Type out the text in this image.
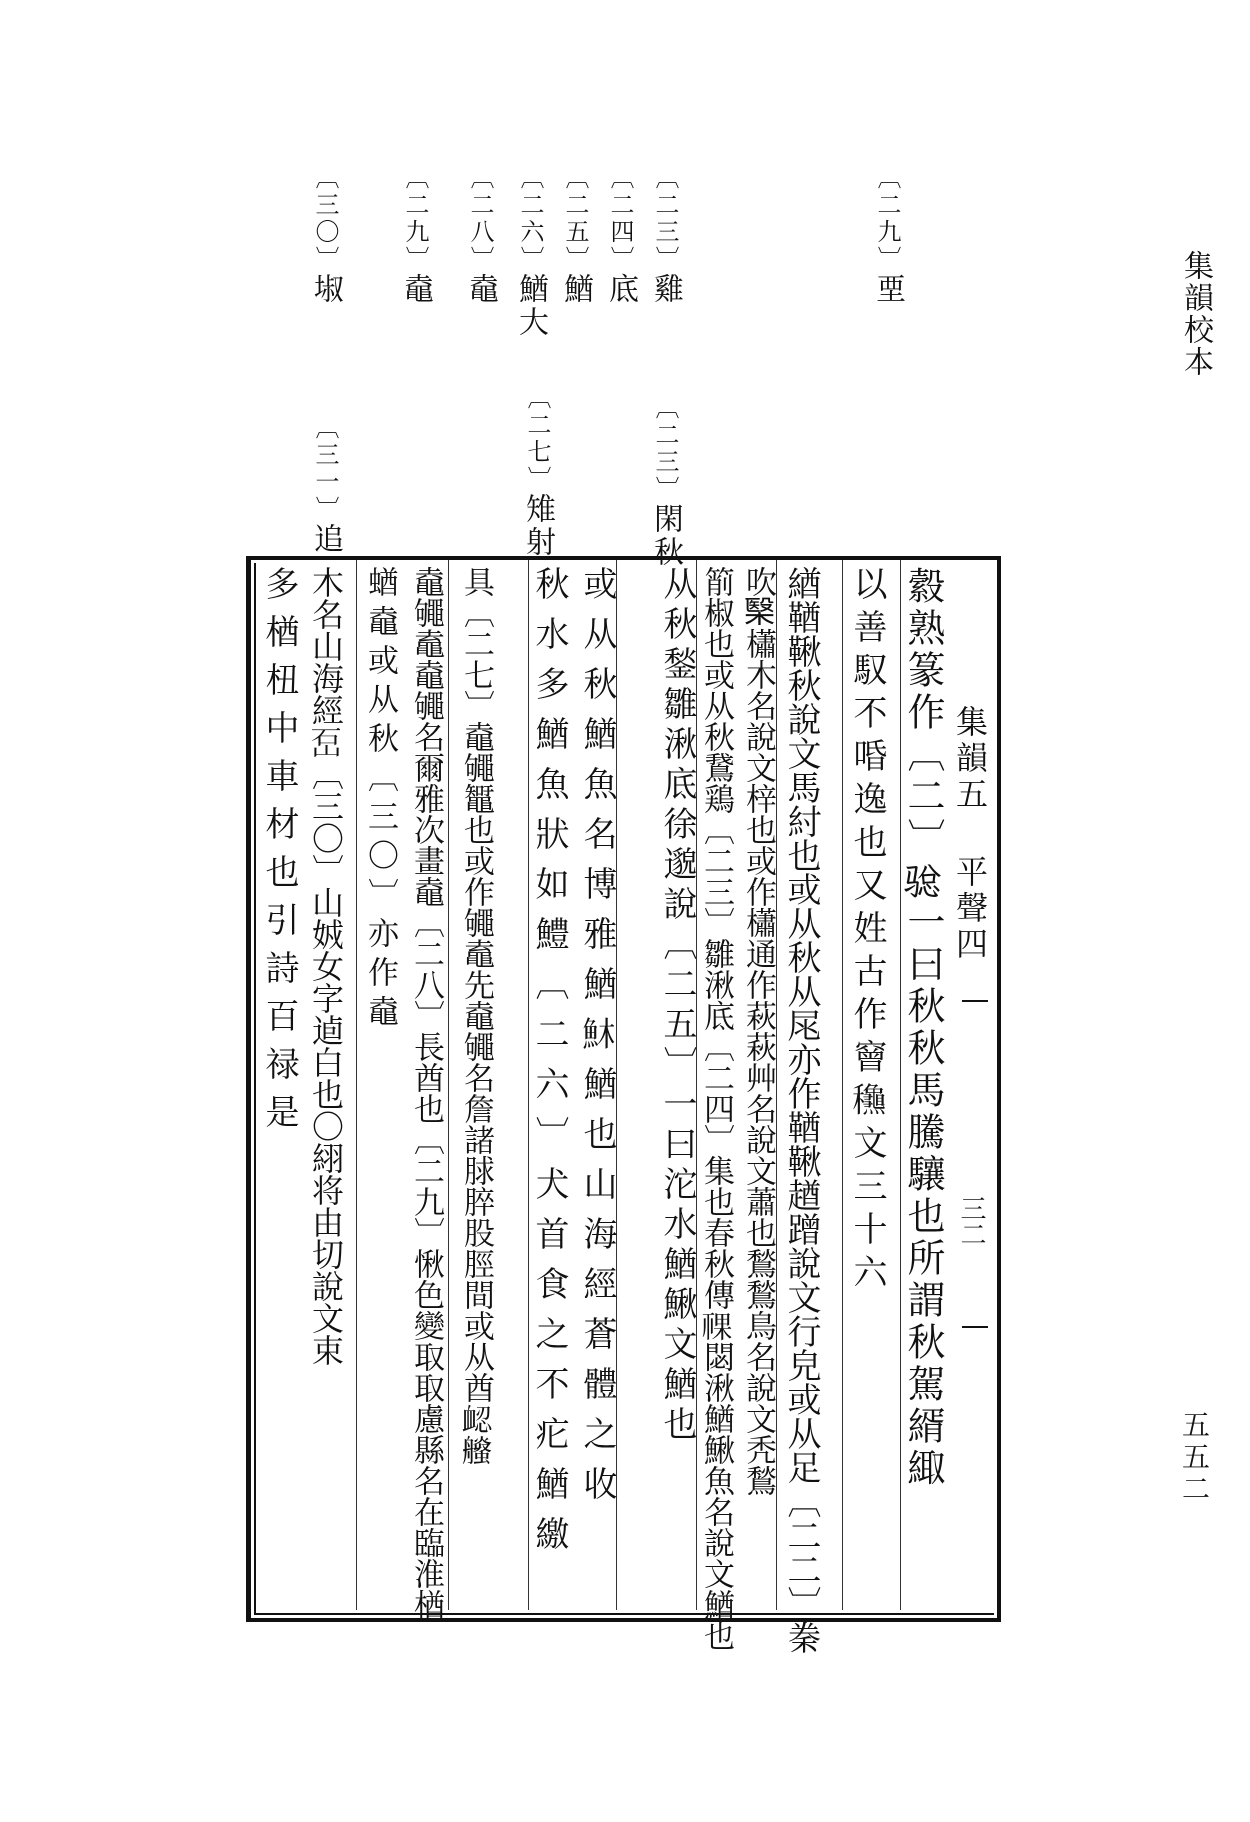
集韻校本
五五二
〔二九〕垔
〔二三〕雞
〔二三〕閑秋
〔二四〕底
〔二五〕鰌
〔二六〕鰌大
〔二七〕雉射
〔二八〕鼀
〔二九〕鼀
〔三〇〕埱
〔三一〕追
集韻五 平聲四
三二
縠熟篆作〔二〕𩨂一曰秋秋馬騰驤也所謂秋駕縃緅
以善馭不㖧逸也又姓古作䆵𥤛文三十六
緧鞧鞦秋說文馬紂也或从秋从㞑亦作鞧鞦趥蹭說文行皃或从足〔二二〕䅈
吹𣘦櫹木名說文梓也或作櫹通作萩萩艸名說文蕭也鶖鶖鳥名說文秃鶖
箾椒也或从秋鵞鶏〔二三〕雛湫底〔二四〕集也春秋傳𥚌閟湫鰌鰍魚名說文鰌也
从秋鍫雛湫底徐邈說〔二五〕一曰沱水鰌鰍文鰌也
或从秋鰌魚名博雅鰌𩵦鰌也山海經蒼體之收
秋水多鰌魚狀如鱧〔二六〕犬首食之不疕鰌繳
具〔二七〕鼀䵶䵹也或作䵶鼁先鼀䵶名詹諸脙脺股脛間或从酋𧖷𧔶
鼀䵶鼁鼀䵶名爾雅次畫鼀〔二八〕長酋也〔二九〕愀色變取取慮縣名在臨淮楢
蝤鼀或从秋〔三〇〕亦作鼀
木名山海經𡶪〔三〇〕山𡜐女字逌白也〇䋚将由切說文束
多楢杻中車材也引詩百禄是
